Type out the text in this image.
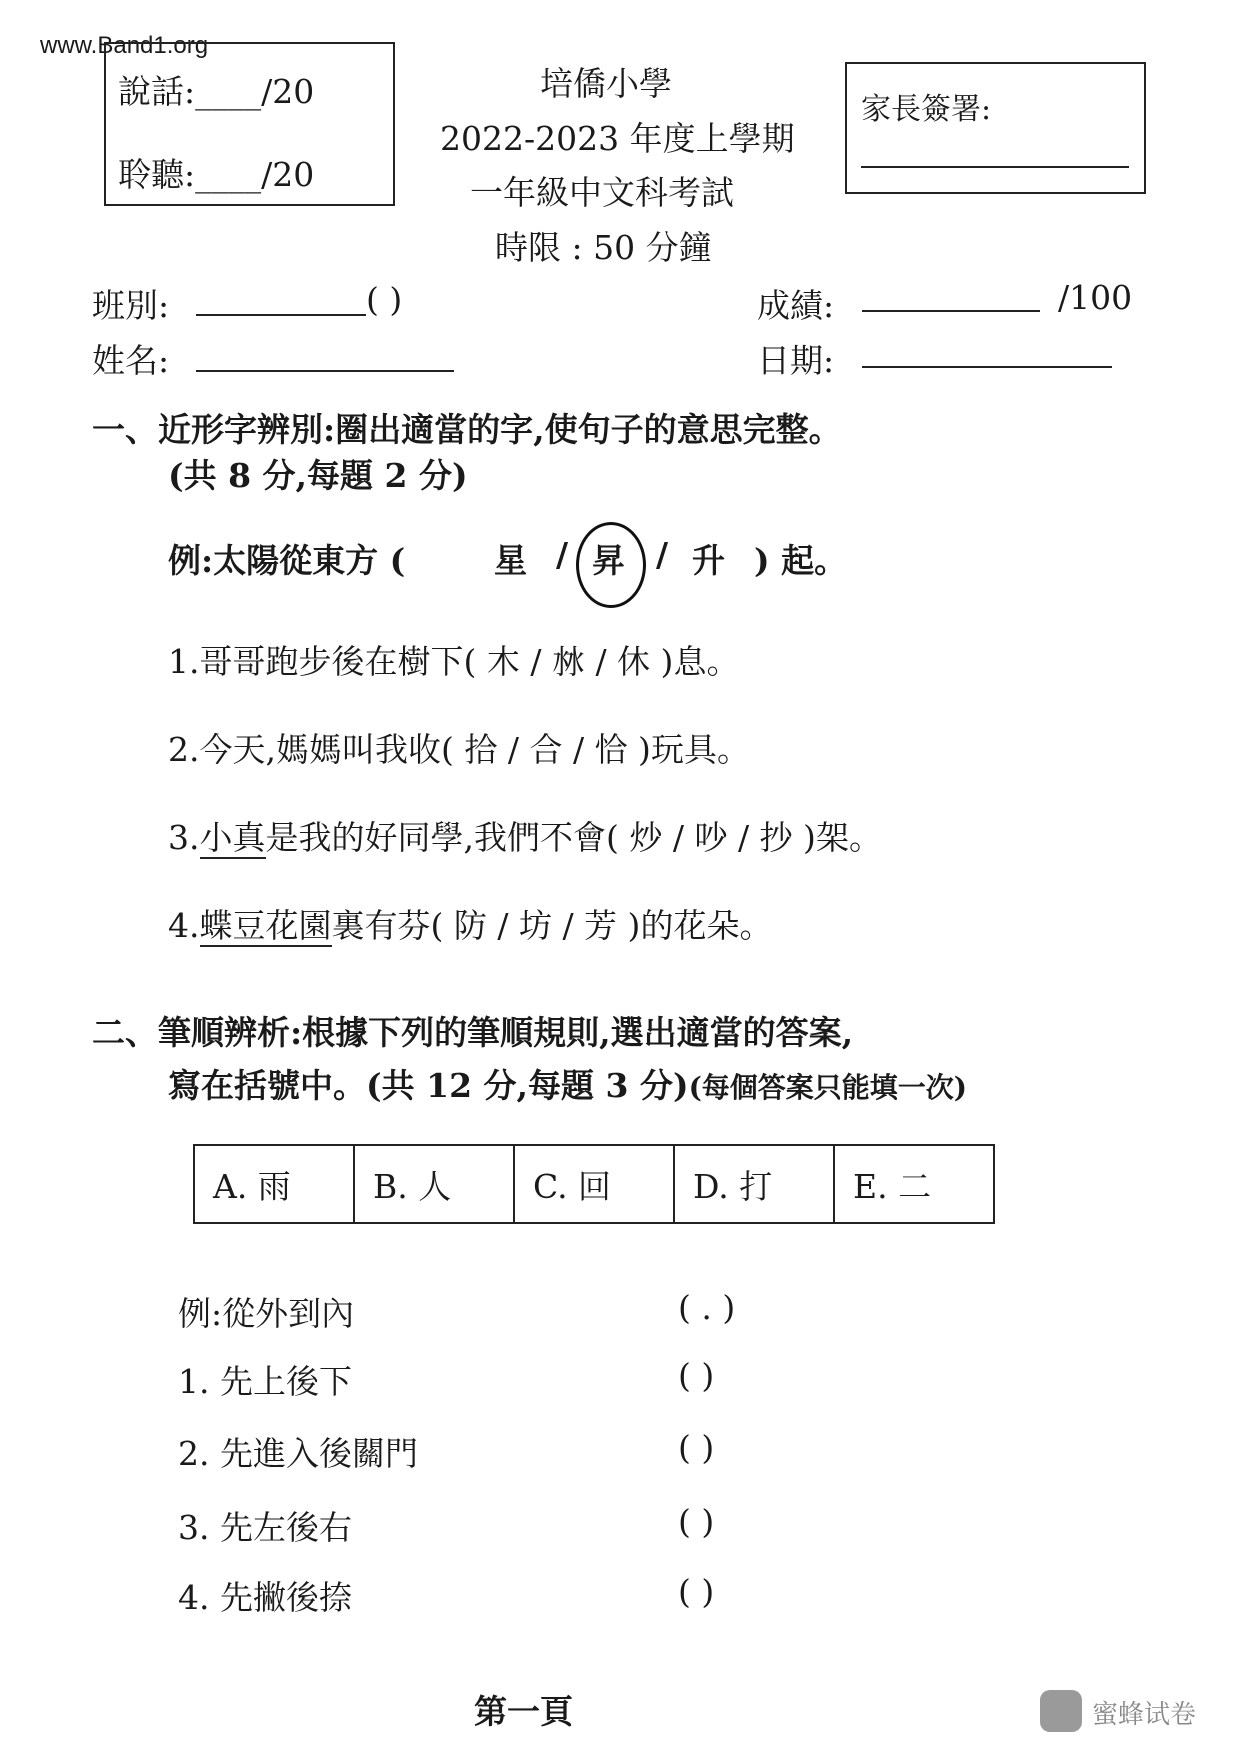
www.Band1.org
說話:____/20
聆聽:____/20
培僑小學
2022-2023 年度上學期
一年級中文科考試
時限 : 50 分鐘
家長簽署:
班別:	( )
姓名:
成績:	/100
日期:
一、近形字辨別:圈出適當的字,使句子的意思完整。
(共 8 分,每題 2 分)
例:太陽從東方 (	星 / 昇 / 升 ) 起。
1.哥哥跑步後在樹下( 木 / 沝 / 休 )息。
2.今天,媽媽叫我收( 拾 / 合 / 恰 )玩具。
3.小真是我的好同學,我們不會( 炒 / 吵 / 抄 )架。
4.蝶豆花園裏有芬( 防 / 坊 / 芳 )的花朵。
二、筆順辨析:根據下列的筆順規則,選出適當的答案,
寫在括號中。(共 12 分,每題 3 分)(每個答案只能填一次)
A. 雨	B. 人	C. 回	D. 打	E. 二
例:從外到內	( . )
1. 先上後下	( )
2. 先進入後關門	( )
3. 先左後右	( )
4. 先撇後捺	( )
第一頁	蜜蜂试卷
